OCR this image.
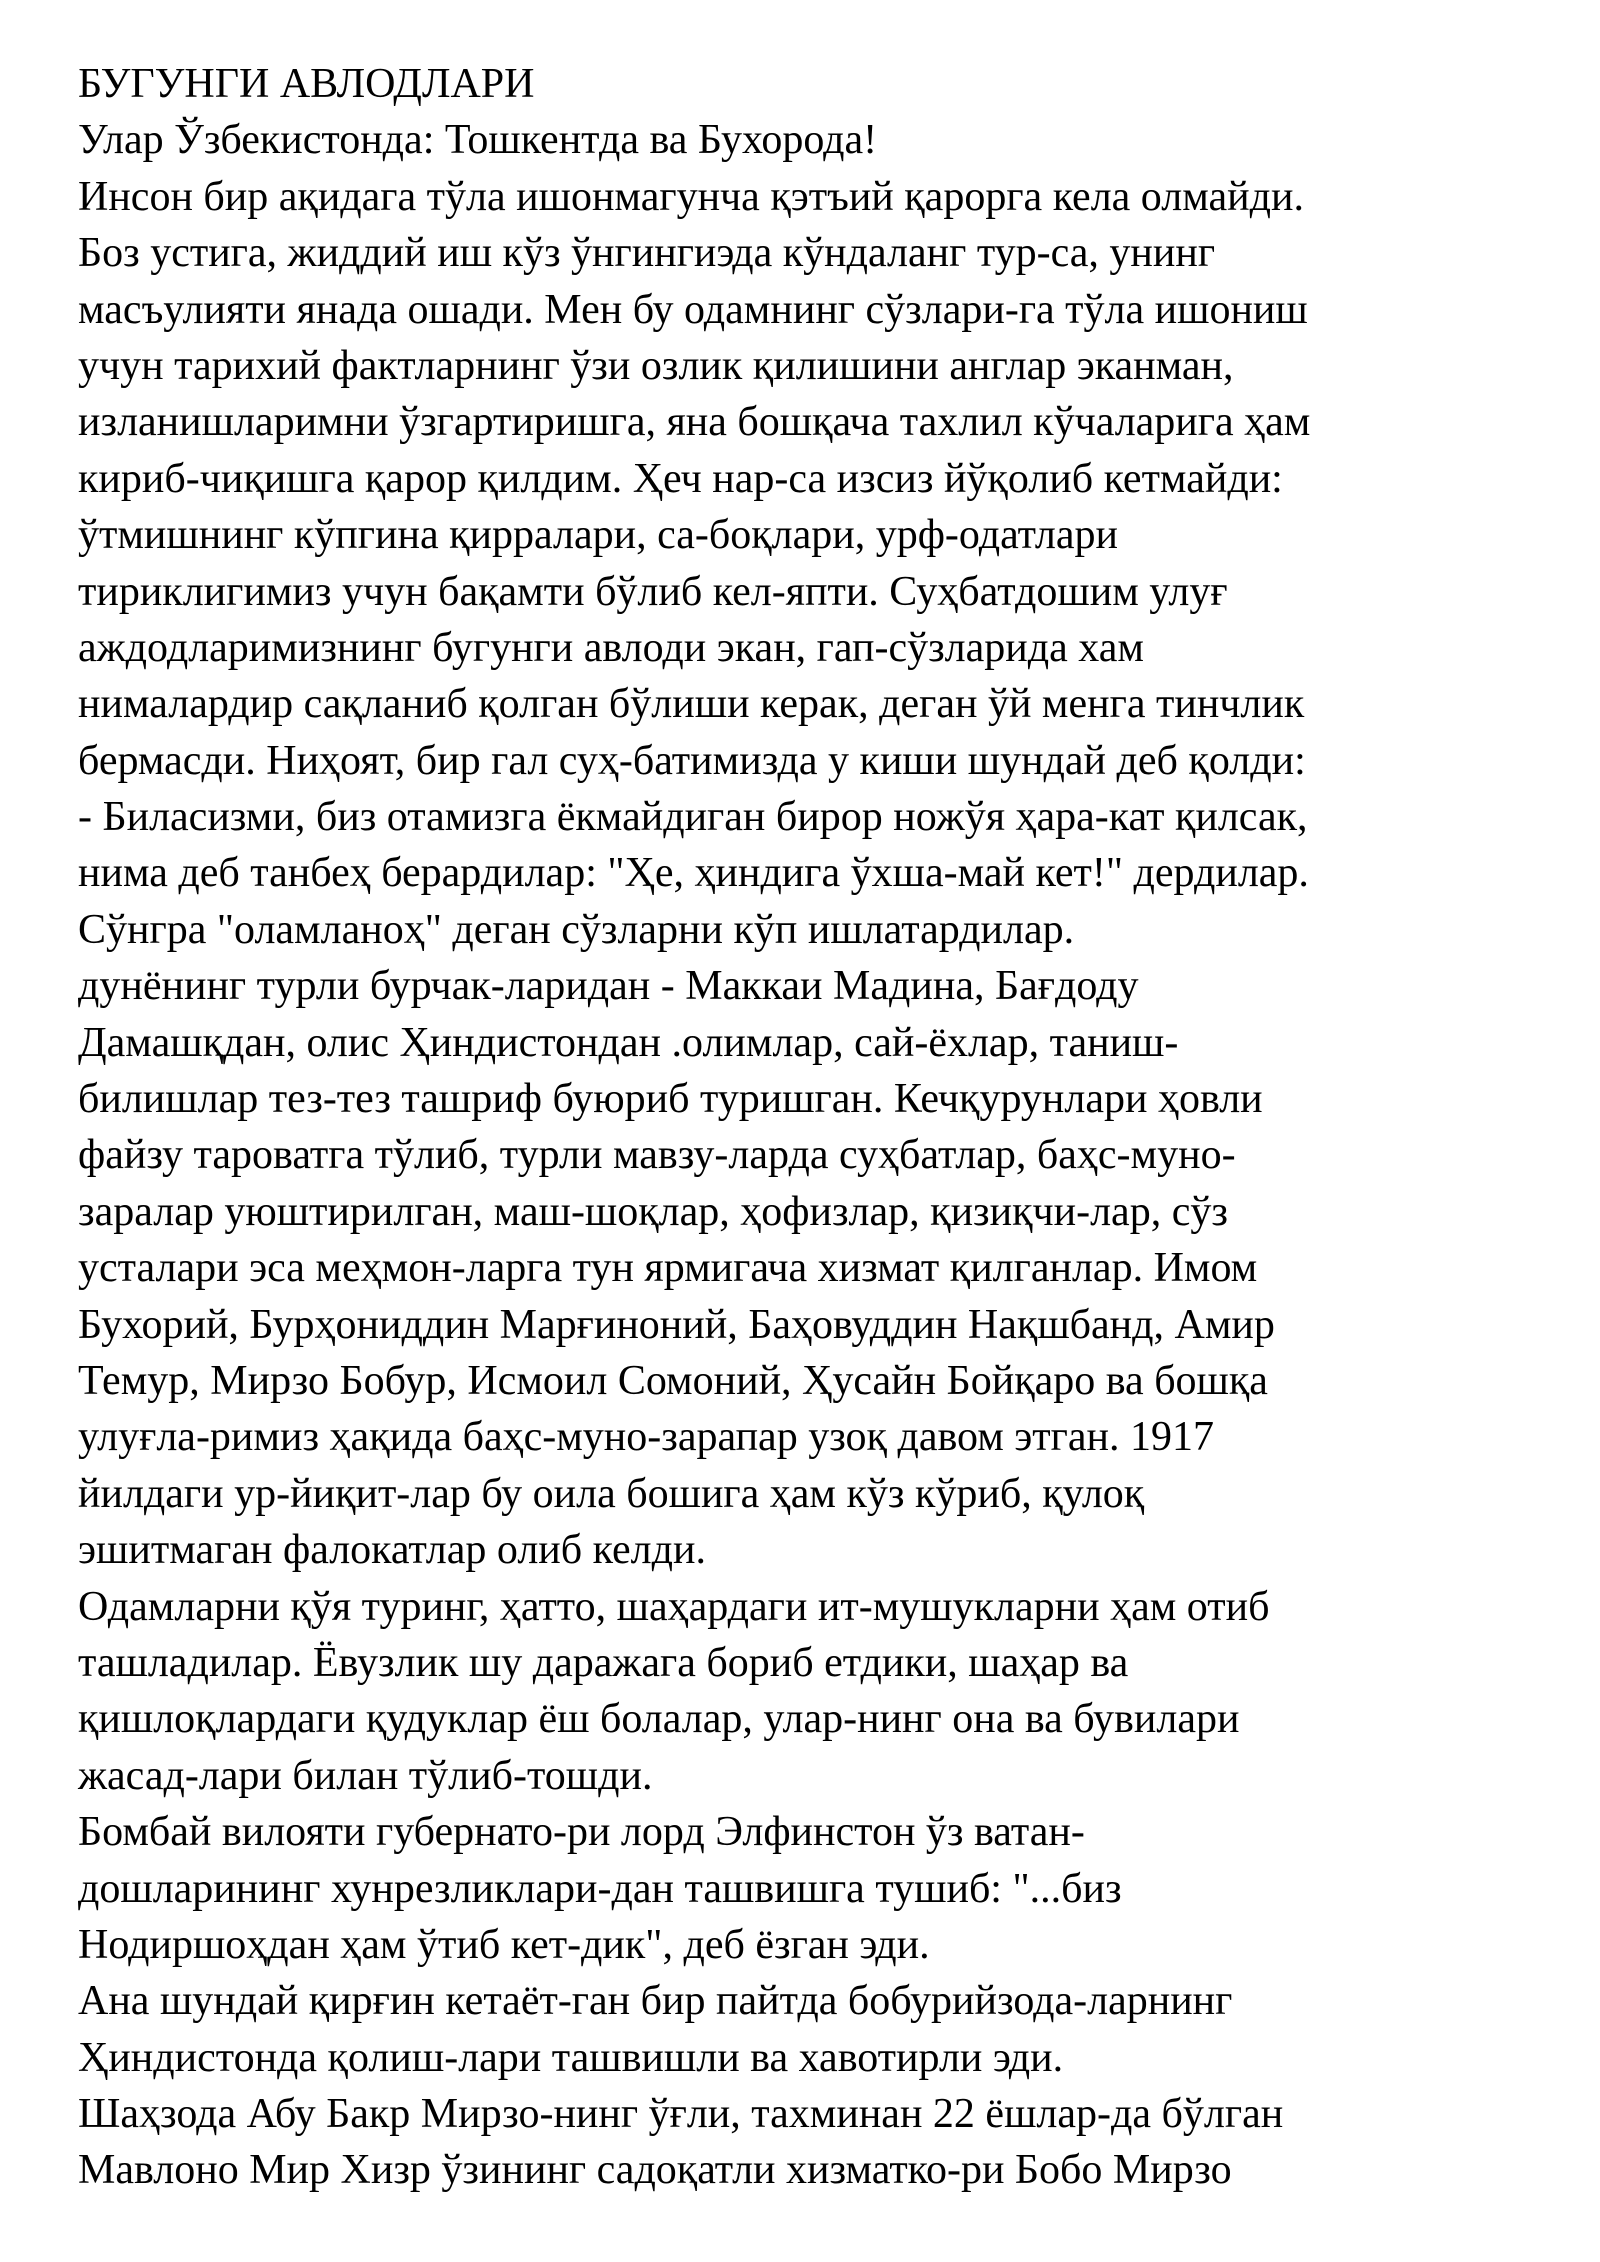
БУГУНГИ АВЛОДЛАРИ
Улар Ўзбекистонда: Тошкентда ва Бухорода!
Инсон бир ақидага тўла ишонмагунча қэтъий қарорга кела олмайди.
Боз устига, жиддий иш кўз ўнгингиэда кўндаланг тур-са, унинг
масъулияти янада ошади. Мен бу одамнинг сўзлари-га тўла ишониш
учун тарихий фактларнинг ўзи озлик қилишини англар эканман,
изланишларимни ўзгартиришга, яна бошқача тахлил кўчаларига ҳам
кириб-чиқишга қарор қилдим. Ҳеч нар-са изсиз йўқолиб кетмайди:
ўтмишнинг кўпгина қирралари, са-боқлари, урф-одатлари
тириклигимиз учун бақамти бўлиб кел-япти. Суҳбатдошим улуғ
аждодларимизнинг бугунги авлоди экан, гап-сўзларида хам
нималардир сақланиб қолган бўлиши керак, деган ўй менга тинчлик
бермасди. Ниҳоят, бир гал суҳ-батимизда у киши шундай деб қолди:
- Биласизми, биз отамизга ёкмайдиган бирор ножўя ҳара-кат қилсак,
нима деб танбеҳ берардилар: "Ҳе, ҳиндига ўхша-май кет!" дердилар.
Сўнгра "оламланоҳ" деган сўзларни кўп ишлатардилар.
дунёнинг турли бурчак-ларидан - Маккаи Мадина, Бағдоду
Дамашқдан, олис Ҳиндистондан .олимлар, сай-ёхлар, таниш-
билишлар тез-тез ташриф буюриб туришган. Кечқурунлари ҳовли
файзу тароватга тўлиб, турли мавзу-ларда суҳбатлар, баҳс-муно-
зaралар уюштирилган, маш-шоқлар, ҳофизлар, қизиқчи-лар, сўз
усталари эса меҳмон-ларга тун ярмигача хизмат қилганлар. Имом
Бухорий, Бурҳониддин Марғиноний, Баҳовуддин Нақшбанд, Амир
Темур, Мирзо Бобур, Исмоил Сомоний, Ҳусайн Бойқаро ва бошқа
улуғла-римиз ҳақида баҳс-муно-зарапар узоқ давом этган. 1917
йилдаги ур-йиқит-лар бу оила бошига ҳам кўз кўриб, қулоқ
эшитмаган фалокатлар олиб келди.
Одамларни қўя туринг, ҳатто, шаҳардаги ит-мушукларни ҳам отиб
ташладилар. Ёвузлик шу даражага бориб етдики, шаҳар ва
қишлоқлардаги қудуклар ёш болалар, улар-нинг она ва бувилари
жасад-лари билан тўлиб-тошди.
Бомбай вилояти губернато-ри лорд Элфинстон ўз ватан-
дошларининг хунрезликлари-дан ташвишга тушиб: "...биз
Нодиршоҳдан ҳам ўтиб кет-дик", деб ёзган эди.
Ана шундай қирғин кетаёт-ган бир пайтда бобурийзода-ларнинг
Ҳиндистонда қолиш-лари ташвишли ва хавотирли эди.
Шаҳзода Абу Бакр Мирзо-нинг ўғли, тахминан 22 ёшлар-да бўлган
Мавлоно Мир Хизр ўзининг садоқатли хизматко-ри Бобо Мирзо
